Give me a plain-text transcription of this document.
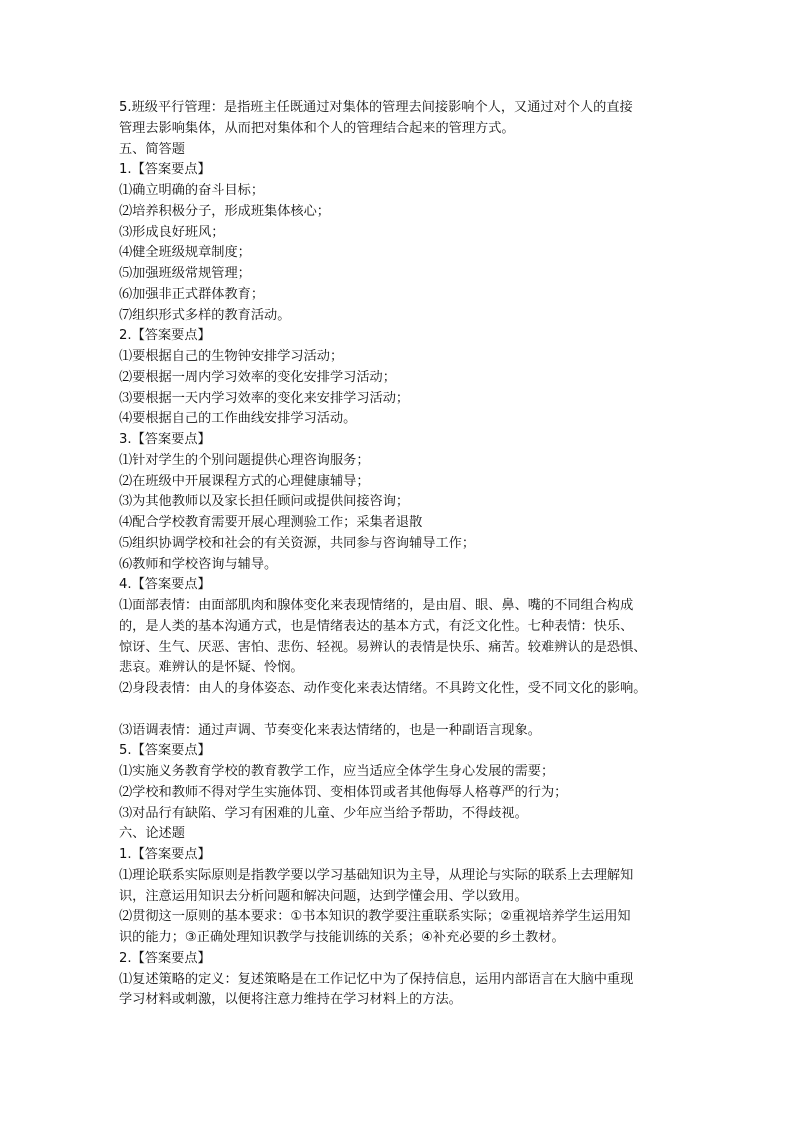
5.班级平行管理：是指班主任既通过对集体的管理去间接影响个人，又通过对个人的直接
管理去影响集体，从而把对集体和个人的管理结合起来的管理方式。
五、简答题
1.【答案要点】
⑴确立明确的奋斗目标；
⑵培养积极分子，形成班集体核心；
⑶形成良好班风；
⑷健全班级规章制度；
⑸加强班级常规管理；
⑹加强非正式群体教育；
⑺组织形式多样的教育活动。
2.【答案要点】
⑴要根据自己的生物钟安排学习活动；
⑵要根据一周内学习效率的变化安排学习活动；
⑶要根据一天内学习效率的变化来安排学习活动；
⑷要根据自己的工作曲线安排学习活动。
3.【答案要点】
⑴针对学生的个别问题提供心理咨询服务；
⑵在班级中开展课程方式的心理健康辅导；
⑶为其他教师以及家长担任顾问或提供间接咨询；
⑷配合学校教育需要开展心理测验工作；采集者退散
⑸组织协调学校和社会的有关资源，共同参与咨询辅导工作；
⑹教师和学校咨询与辅导。
4.【答案要点】
⑴面部表情：由面部肌肉和腺体变化来表现情绪的，是由眉、眼、鼻、嘴的不同组合构成
的，是人类的基本沟通方式，也是情绪表达的基本方式，有泛文化性。七种表情：快乐、
惊讶、生气、厌恶、害怕、悲伤、轻视。易辨认的表情是快乐、痛苦。较难辨认的是恐惧、
悲哀。难辨认的是怀疑、怜悯。
⑵身段表情：由人的身体姿态、动作变化来表达情绪。不具跨文化性，受不同文化的影响。
⑶语调表情：通过声调、节奏变化来表达情绪的，也是一种副语言现象。
5.【答案要点】
⑴实施义务教育学校的教育教学工作，应当适应全体学生身心发展的需要；
⑵学校和教师不得对学生实施体罚、变相体罚或者其他侮辱人格尊严的行为；
⑶对品行有缺陷、学习有困难的儿童、少年应当给予帮助，不得歧视。
六、论述题
1.【答案要点】
⑴理论联系实际原则是指教学要以学习基础知识为主导，从理论与实际的联系上去理解知
识，注意运用知识去分析问题和解决问题，达到学懂会用、学以致用。
⑵贯彻这一原则的基本要求：①书本知识的教学要注重联系实际；②重视培养学生运用知
识的能力；③正确处理知识教学与技能训练的关系；④补充必要的乡土教材。
2.【答案要点】
⑴复述策略的定义：复述策略是在工作记忆中为了保持信息，运用内部语言在大脑中重现
学习材料或刺激，以便将注意力维持在学习材料上的方法。
